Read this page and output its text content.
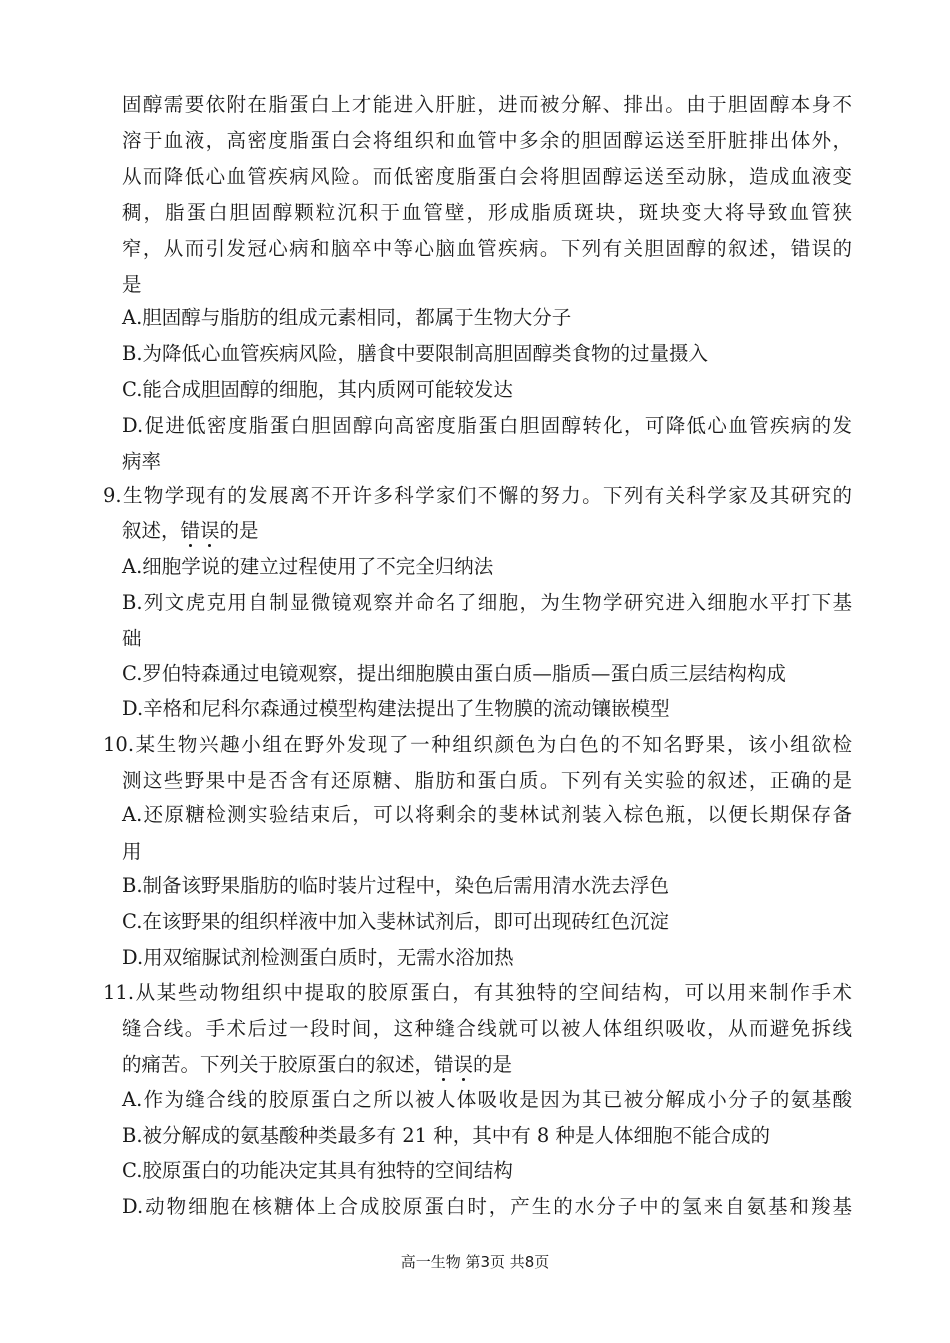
固醇需要依附在脂蛋白上才能进入肝脏，进而被分解、排出。由于胆固醇本身不
溶于血液，高密度脂蛋白会将组织和血管中多余的胆固醇运送至肝脏排出体外，
从而降低心血管疾病风险。而低密度脂蛋白会将胆固醇运送至动脉，造成血液变
稠，脂蛋白胆固醇颗粒沉积于血管壁，形成脂质斑块，斑块变大将导致血管狭
窄，从而引发冠心病和脑卒中等心脑血管疾病。下列有关胆固醇的叙述，错误的
是
A.胆固醇与脂肪的组成元素相同，都属于生物大分子
B.为降低心血管疾病风险，膳食中要限制高胆固醇类食物的过量摄入
C.能合成胆固醇的细胞，其内质网可能较发达
D.促进低密度脂蛋白胆固醇向高密度脂蛋白胆固醇转化，可降低心血管疾病的发
病率
9.生物学现有的发展离不开许多科学家们不懈的努力。下列有关科学家及其研究的
叙述，错误的是
A.细胞学说的建立过程使用了不完全归纳法
B.列文虎克用自制显微镜观察并命名了细胞，为生物学研究进入细胞水平打下基
础
C.罗伯特森通过电镜观察，提出细胞膜由蛋白质—脂质—蛋白质三层结构构成
D.辛格和尼科尔森通过模型构建法提出了生物膜的流动镶嵌模型
10.某生物兴趣小组在野外发现了一种组织颜色为白色的不知名野果，该小组欲检
测这些野果中是否含有还原糖、脂肪和蛋白质。下列有关实验的叙述，正确的是
A.还原糖检测实验结束后，可以将剩余的斐林试剂装入棕色瓶，以便长期保存备
用
B.制备该野果脂肪的临时装片过程中，染色后需用清水洗去浮色
C.在该野果的组织样液中加入斐林试剂后，即可出现砖红色沉淀
D.用双缩脲试剂检测蛋白质时，无需水浴加热
11.从某些动物组织中提取的胶原蛋白，有其独特的空间结构，可以用来制作手术
缝合线。手术后过一段时间，这种缝合线就可以被人体组织吸收，从而避免拆线
的痛苦。下列关于胶原蛋白的叙述，错误的是
A.作为缝合线的胶原蛋白之所以被人体吸收是因为其已被分解成小分子的氨基酸
B.被分解成的氨基酸种类最多有 21 种，其中有 8 种是人体细胞不能合成的
C.胶原蛋白的功能决定其具有独特的空间结构
D.动物细胞在核糖体上合成胶原蛋白时，产生的水分子中的氢来自氨基和羧基
高一生物 第3页 共8页
